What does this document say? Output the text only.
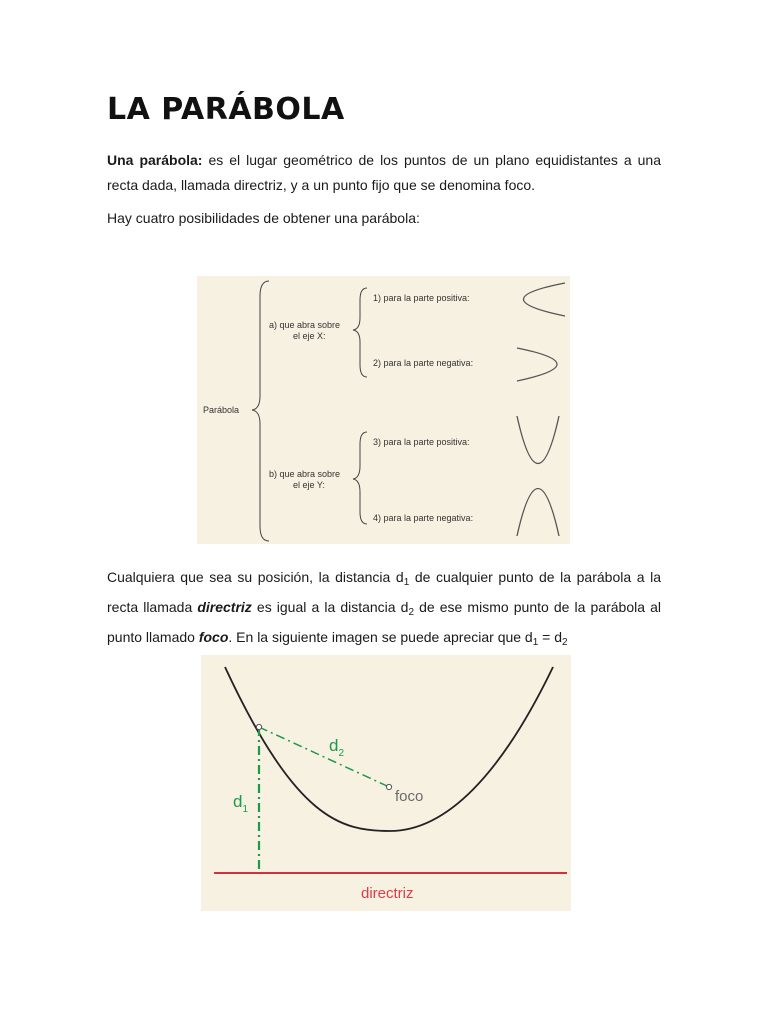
LA PARÁBOLA

Una parábola: es el lugar geométrico de los puntos de un plano equidistantes a una recta dada, llamada directriz, y a un punto fijo que se denomina foco.

Hay cuatro posibilidades de obtener una parábola:

Parábola
a) que abra sobre
el eje X:
1) para la parte positiva:
2) para la parte negativa:
b) que abra sobre
el eje Y:
3) para la parte positiva:
4) para la parte negativa:

Cualquiera que sea su posición, la distancia $d_1$ de cualquier punto de la parábola a la recta llamada directriz es igual a la distancia $d_2$ de ese mismo punto de la parábola al punto llamado foco. En la siguiente imagen se puede apreciar que $d_1 = d_2$

$d_1$
$d_2$
foco
directriz
